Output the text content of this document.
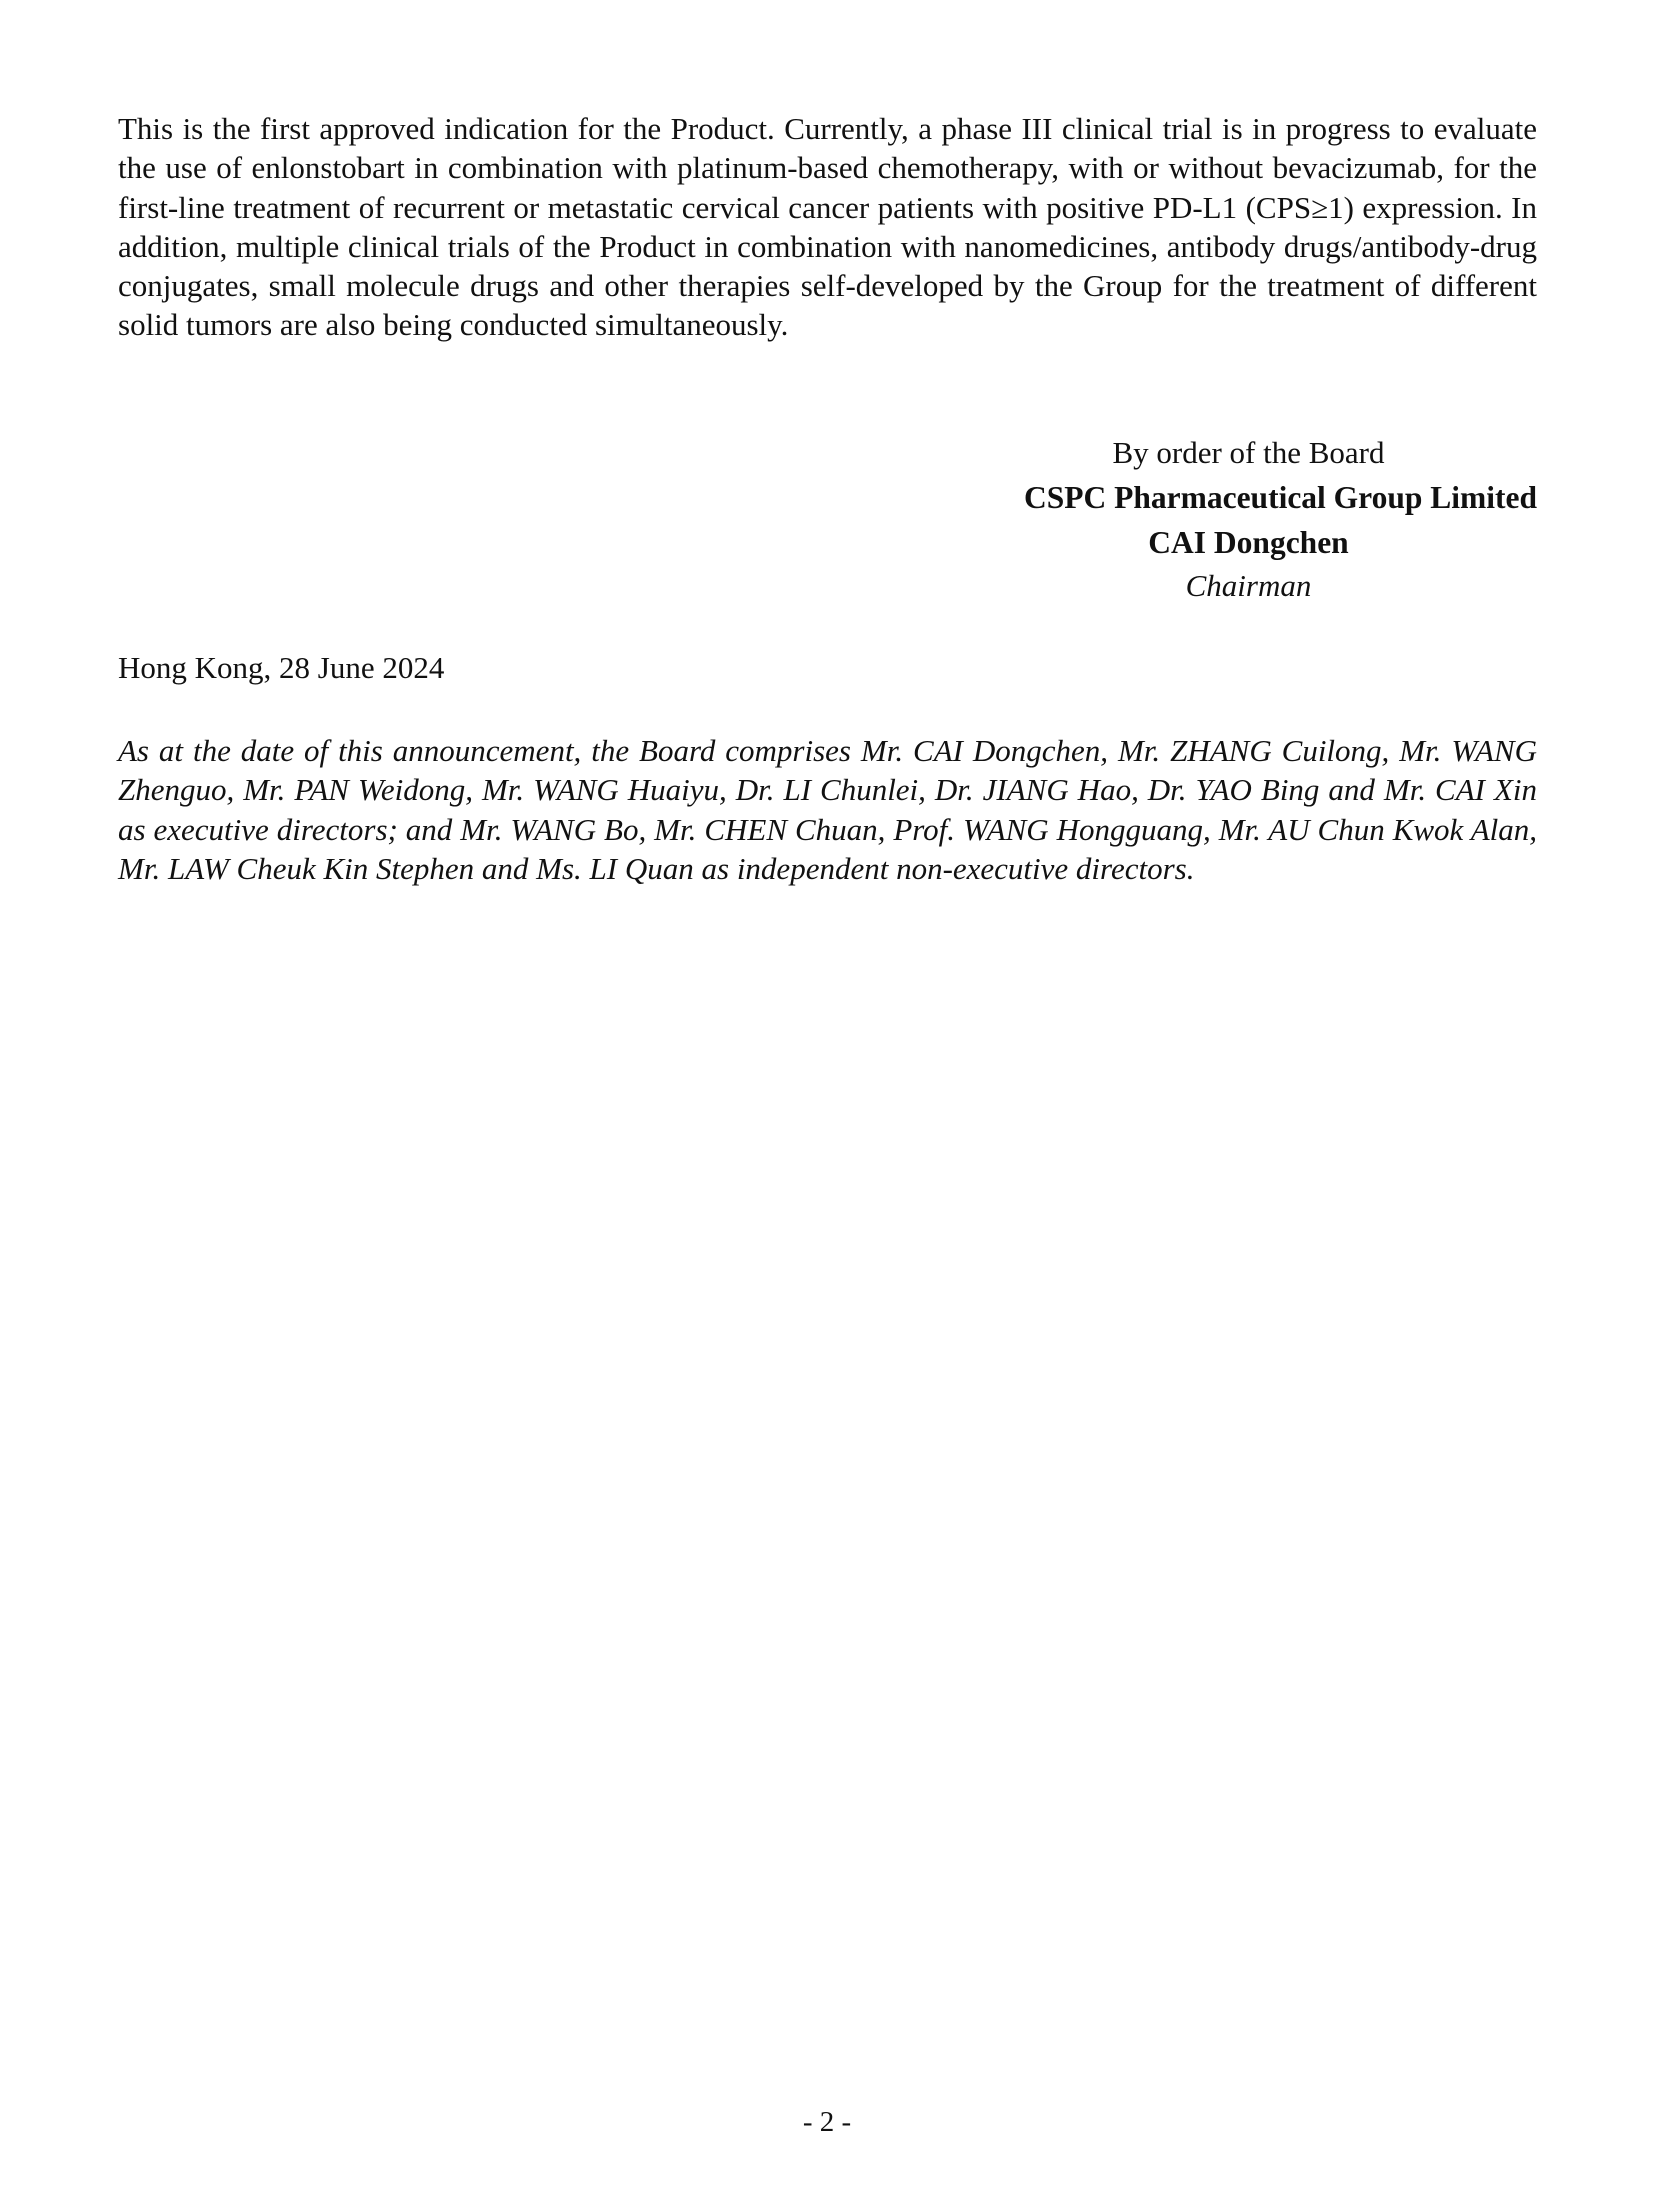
This is the first approved indication for the Product. Currently, a phase III clinical trial is in progress to evaluate the use of enlonstobart in combination with platinum-based chemotherapy, with or without bevacizumab, for the first-line treatment of recurrent or metastatic cervical cancer patients with positive PD-L1 (CPS≥1) expression. In addition, multiple clinical trials of the Product in combination with nanomedicines, antibody drugs/antibody-drug conjugates, small molecule drugs and other therapies self-developed by the Group for the treatment of different solid tumors are also being conducted simultaneously.

By order of the Board
CSPC Pharmaceutical Group Limited
CAI Dongchen
Chairman

Hong Kong, 28 June 2024

As at the date of this announcement, the Board comprises Mr. CAI Dongchen, Mr. ZHANG Cuilong, Mr. WANG Zhenguo, Mr. PAN Weidong, Mr. WANG Huaiyu, Dr. LI Chunlei, Dr. JIANG Hao, Dr. YAO Bing and Mr. CAI Xin as executive directors; and Mr. WANG Bo, Mr. CHEN Chuan, Prof. WANG Hongguang, Mr. AU Chun Kwok Alan, Mr. LAW Cheuk Kin Stephen and Ms. LI Quan as independent non-executive directors.

- 2 -
